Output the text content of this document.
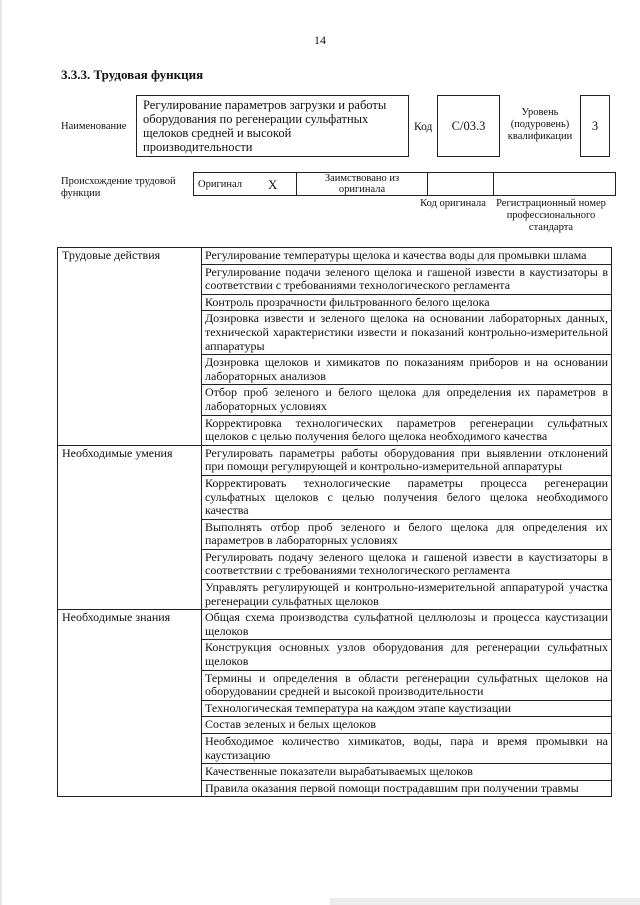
14
3.3.3. Трудовая функция
Наименование
Регулирование параметров загрузки и работы оборудования по регенерации сульфатных щелоков средней и высокой производительности
Код	С/03.3
Уровень (подуровень) квалификации
3
Происхождение трудовой функции
Оригинал	X	Заимствовано из оригинала		
Код оригинала Регистрационный номер профессионального стандарта
Трудовые действия	Регулирование температуры щелока и качества воды для промывки шлама
	Регулирование подачи зеленого щелока и гашеной извести в каустизаторы в соответствии с требованиями технологического регламента
	Контроль прозрачности фильтрованного белого щелока
	Дозировка извести и зеленого щелока на основании лабораторных данных, технической характеристики извести и показаний контрольно-измерительной аппаратуры
	Дозировка щелоков и химикатов по показаниям приборов и на основании лабораторных анализов
	Отбор проб зеленого и белого щелока для определения их параметров в лабораторных условиях
	Корректировка технологических параметров регенерации сульфатных щелоков с целью получения белого щелока необходимого качества
Необходимые умения	Регулировать параметры работы оборудования при выявлении отклонений при помощи регулирующей и контрольно-измерительной аппаратуры
	Корректировать технологические параметры процесса регенерации сульфатных щелоков с целью получения белого щелока необходимого качества
	Выполнять отбор проб зеленого и белого щелока для определения их параметров в лабораторных условиях
	Регулировать подачу зеленого щелока и гашеной извести в каустизаторы в соответствии с требованиями технологического регламента
	Управлять регулирующей и контрольно-измерительной аппаратурой участка регенерации сульфатных щелоков
Необходимые знания	Общая схема производства сульфатной целлюлозы и процесса каустизации щелоков
	Конструкция основных узлов оборудования для регенерации сульфатных щелоков
	Термины и определения в области регенерации сульфатных щелоков на оборудовании средней и высокой производительности
	Технологическая температура на каждом этапе каустизации
	Состав зеленых и белых щелоков
	Необходимое количество химикатов, воды, пара и время промывки на каустизацию
	Качественные показатели вырабатываемых щелоков
	Правила оказания первой помощи пострадавшим при получении травмы
